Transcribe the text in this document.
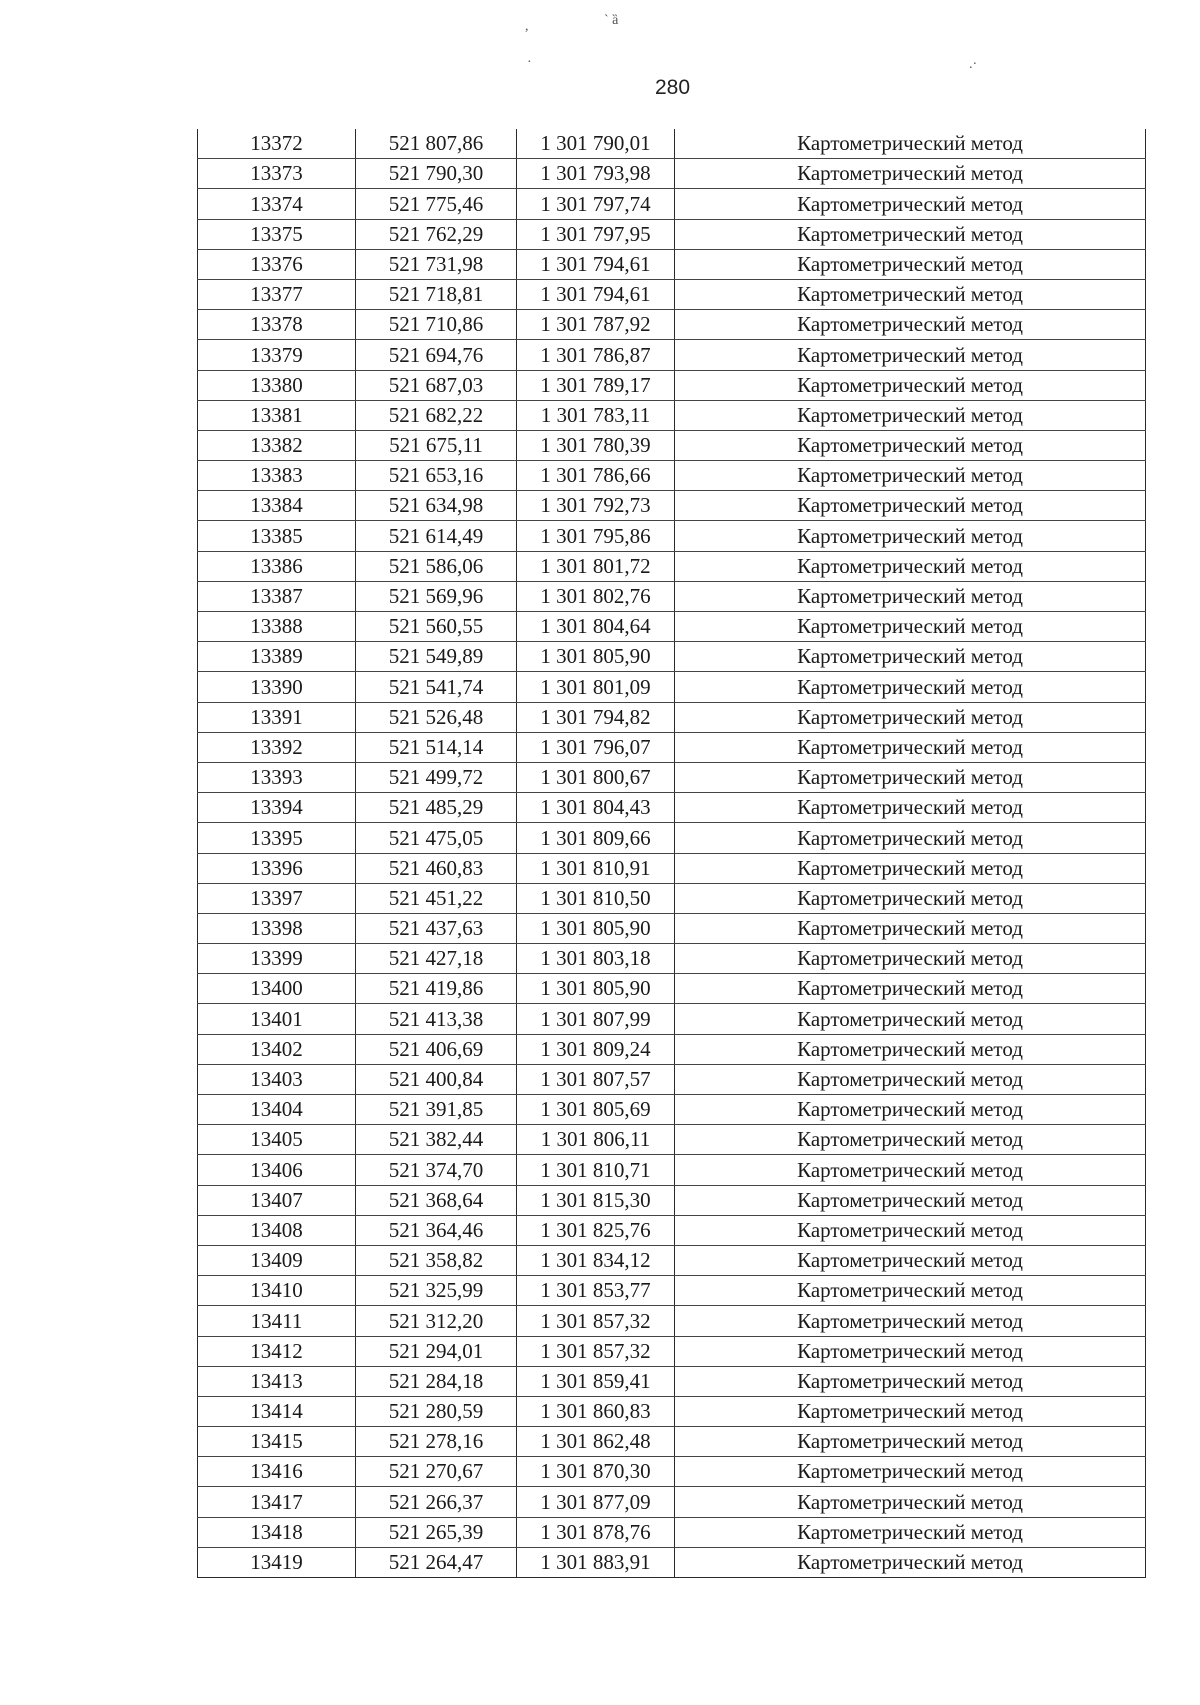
,	` ȁ
·	.·
280
13372	521 807,86	1 301 790,01	Картометрический метод
13373	521 790,30	1 301 793,98	Картометрический метод
13374	521 775,46	1 301 797,74	Картометрический метод
13375	521 762,29	1 301 797,95	Картометрический метод
13376	521 731,98	1 301 794,61	Картометрический метод
13377	521 718,81	1 301 794,61	Картометрический метод
13378	521 710,86	1 301 787,92	Картометрический метод
13379	521 694,76	1 301 786,87	Картометрический метод
13380	521 687,03	1 301 789,17	Картометрический метод
13381	521 682,22	1 301 783,11	Картометрический метод
13382	521 675,11	1 301 780,39	Картометрический метод
13383	521 653,16	1 301 786,66	Картометрический метод
13384	521 634,98	1 301 792,73	Картометрический метод
13385	521 614,49	1 301 795,86	Картометрический метод
13386	521 586,06	1 301 801,72	Картометрический метод
13387	521 569,96	1 301 802,76	Картометрический метод
13388	521 560,55	1 301 804,64	Картометрический метод
13389	521 549,89	1 301 805,90	Картометрический метод
13390	521 541,74	1 301 801,09	Картометрический метод
13391	521 526,48	1 301 794,82	Картометрический метод
13392	521 514,14	1 301 796,07	Картометрический метод
13393	521 499,72	1 301 800,67	Картометрический метод
13394	521 485,29	1 301 804,43	Картометрический метод
13395	521 475,05	1 301 809,66	Картометрический метод
13396	521 460,83	1 301 810,91	Картометрический метод
13397	521 451,22	1 301 810,50	Картометрический метод
13398	521 437,63	1 301 805,90	Картометрический метод
13399	521 427,18	1 301 803,18	Картометрический метод
13400	521 419,86	1 301 805,90	Картометрический метод
13401	521 413,38	1 301 807,99	Картометрический метод
13402	521 406,69	1 301 809,24	Картометрический метод
13403	521 400,84	1 301 807,57	Картометрический метод
13404	521 391,85	1 301 805,69	Картометрический метод
13405	521 382,44	1 301 806,11	Картометрический метод
13406	521 374,70	1 301 810,71	Картометрический метод
13407	521 368,64	1 301 815,30	Картометрический метод
13408	521 364,46	1 301 825,76	Картометрический метод
13409	521 358,82	1 301 834,12	Картометрический метод
13410	521 325,99	1 301 853,77	Картометрический метод
13411	521 312,20	1 301 857,32	Картометрический метод
13412	521 294,01	1 301 857,32	Картометрический метод
13413	521 284,18	1 301 859,41	Картометрический метод
13414	521 280,59	1 301 860,83	Картометрический метод
13415	521 278,16	1 301 862,48	Картометрический метод
13416	521 270,67	1 301 870,30	Картометрический метод
13417	521 266,37	1 301 877,09	Картометрический метод
13418	521 265,39	1 301 878,76	Картометрический метод
13419	521 264,47	1 301 883,91	Картометрический метод
